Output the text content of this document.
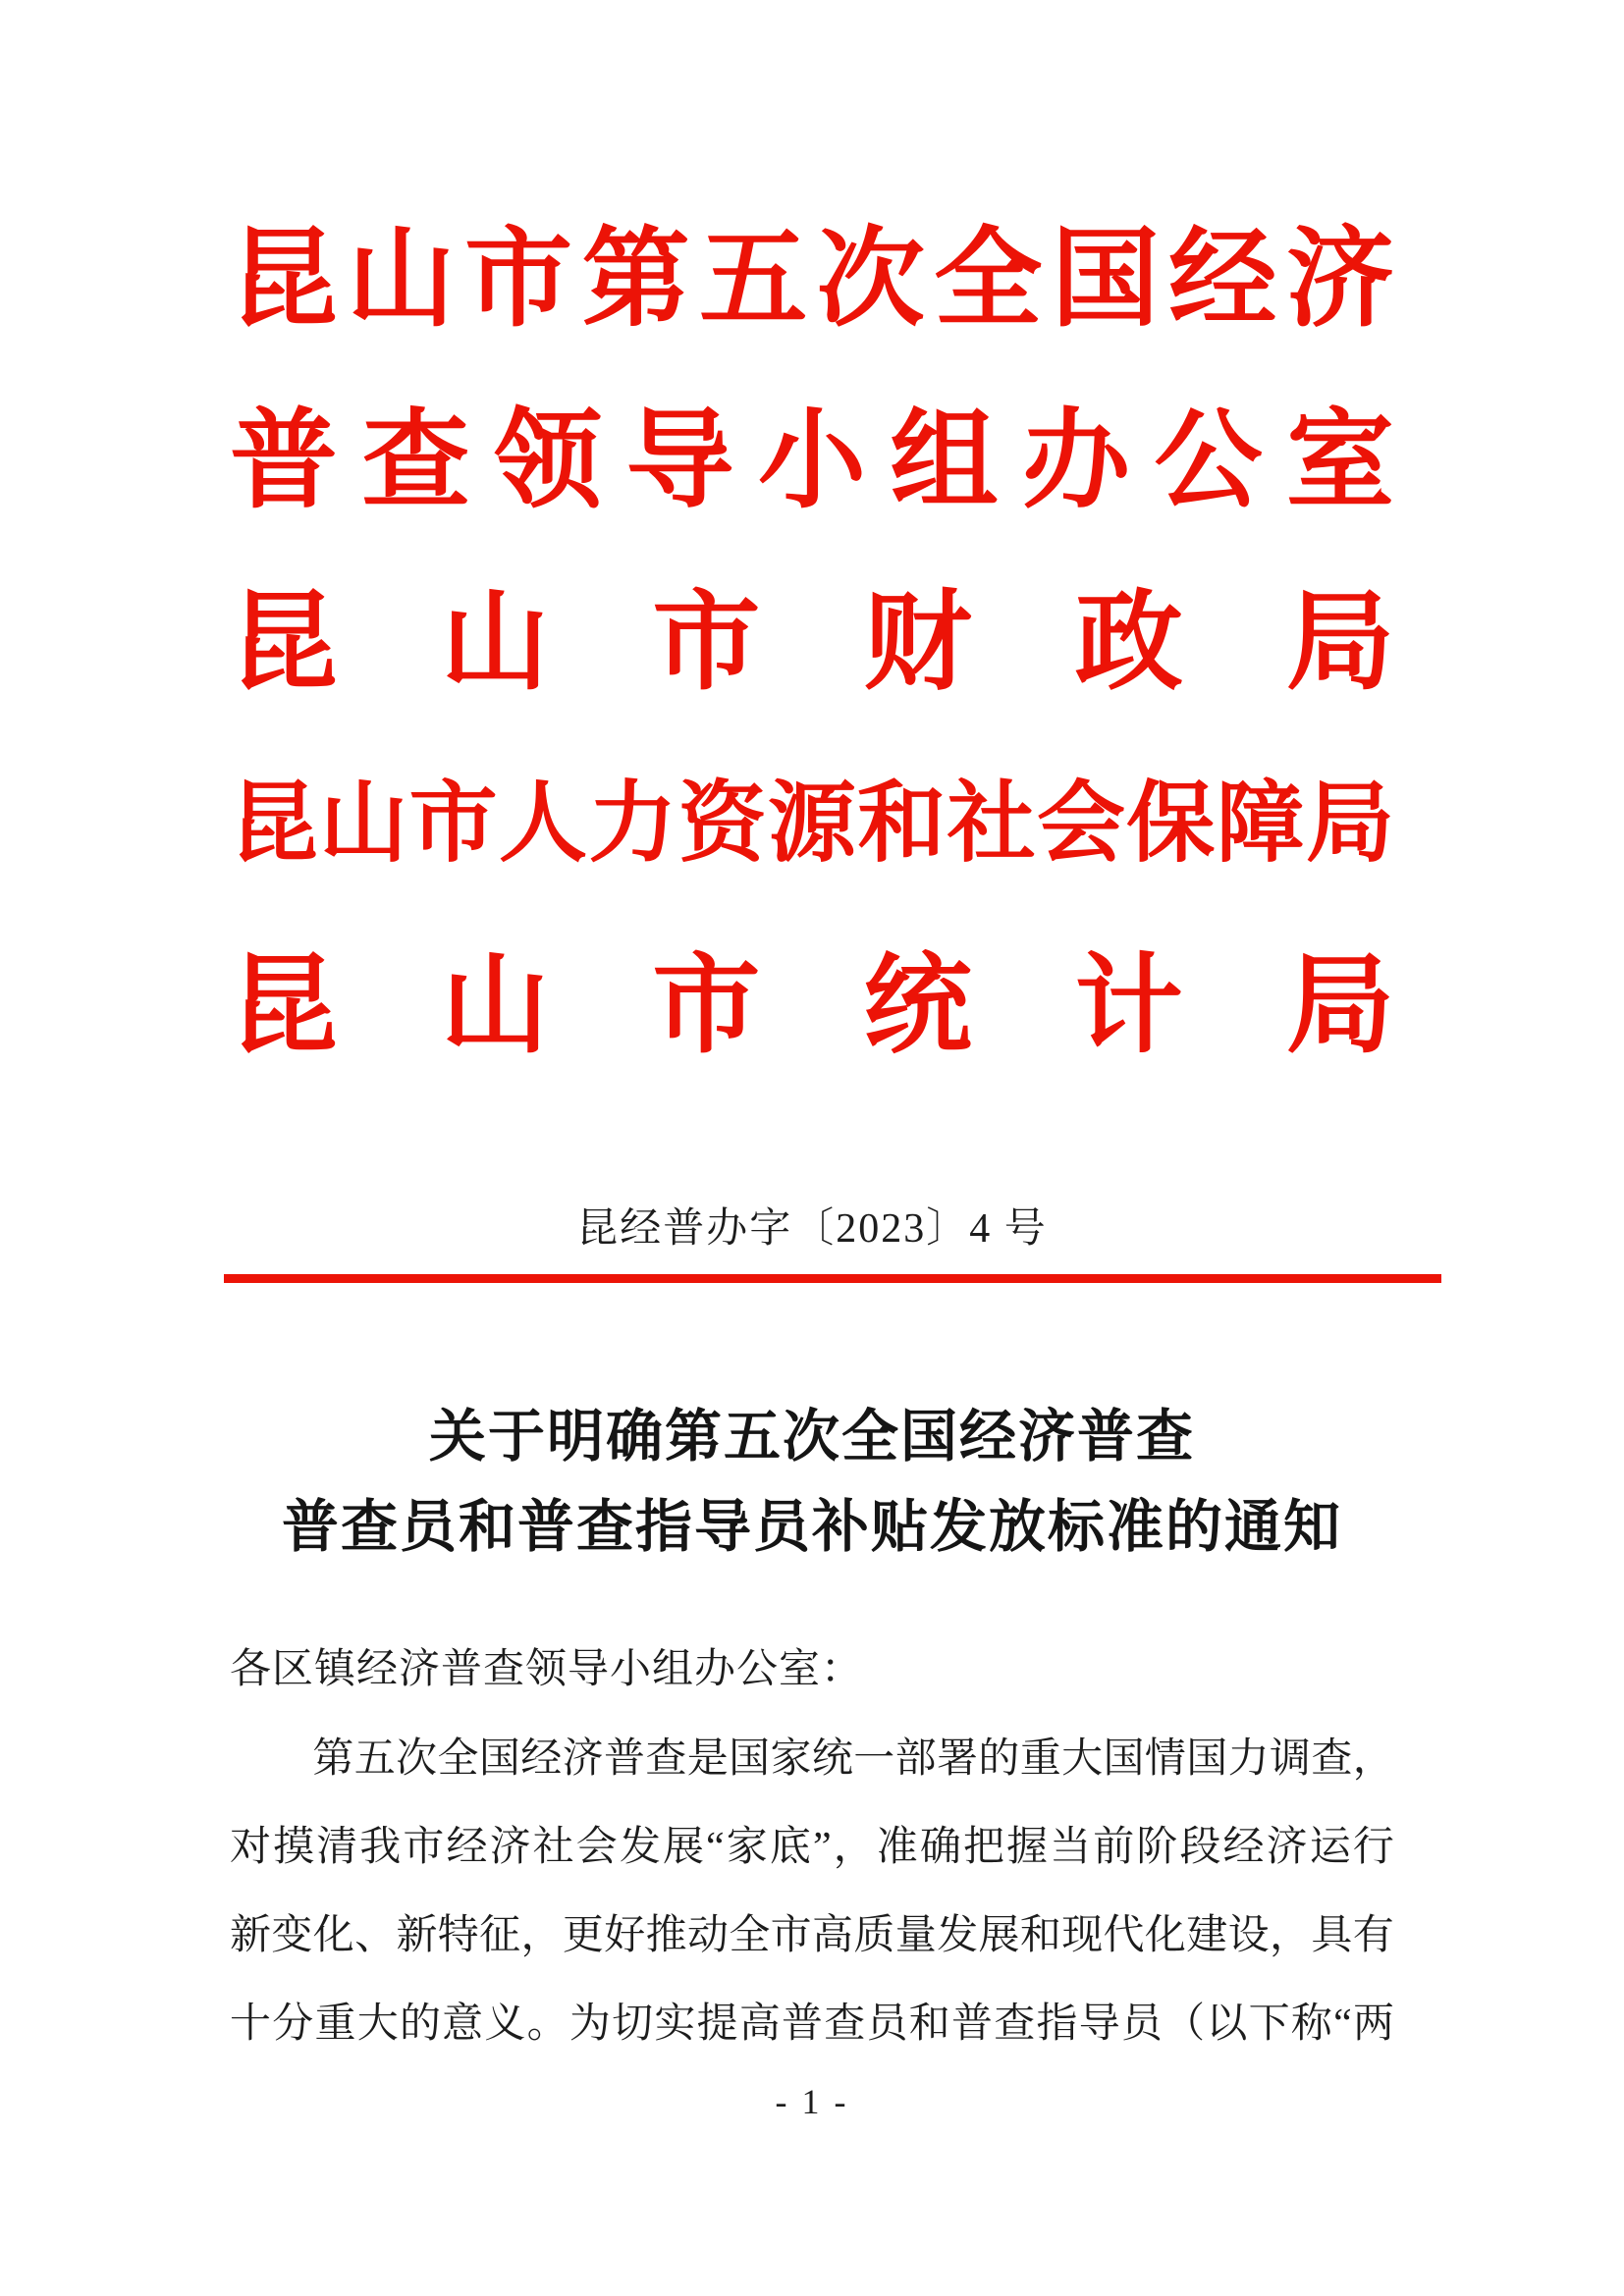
昆 山 市 第 五 次 全 国 经 济
普 查 领 导 小 组 办 公 室
昆 山 市 财 政 局
昆 山 市 人 力 资 源 和 社 会 保 障 局
昆 山 市 统 计 局
昆经普办字〔2023〕4 号
关于明确第五次全国经济普查
普查员和普查指导员补贴发放标准的通知
各区镇经济普查领导小组办公室：
第 五 次 全 国 经 济 普 查 是 国 家 统 一 部 署 的 重 大 国 情 国 力 调 查 ，
对 摸 清 我 市 经 济 社 会 发 展 “ 家 底 ” ， 准 确 把 握 当 前 阶 段 经 济 运 行
新 变 化 、 新 特 征 ， 更 好 推 动 全 市 高 质 量 发 展 和 现 代 化 建 设 ， 具 有
十 分 重 大 的 意 义 。 为 切 实 提 高 普 查 员 和 普 查 指 导 员 （ 以 下 称 “ 两
- 1 -
